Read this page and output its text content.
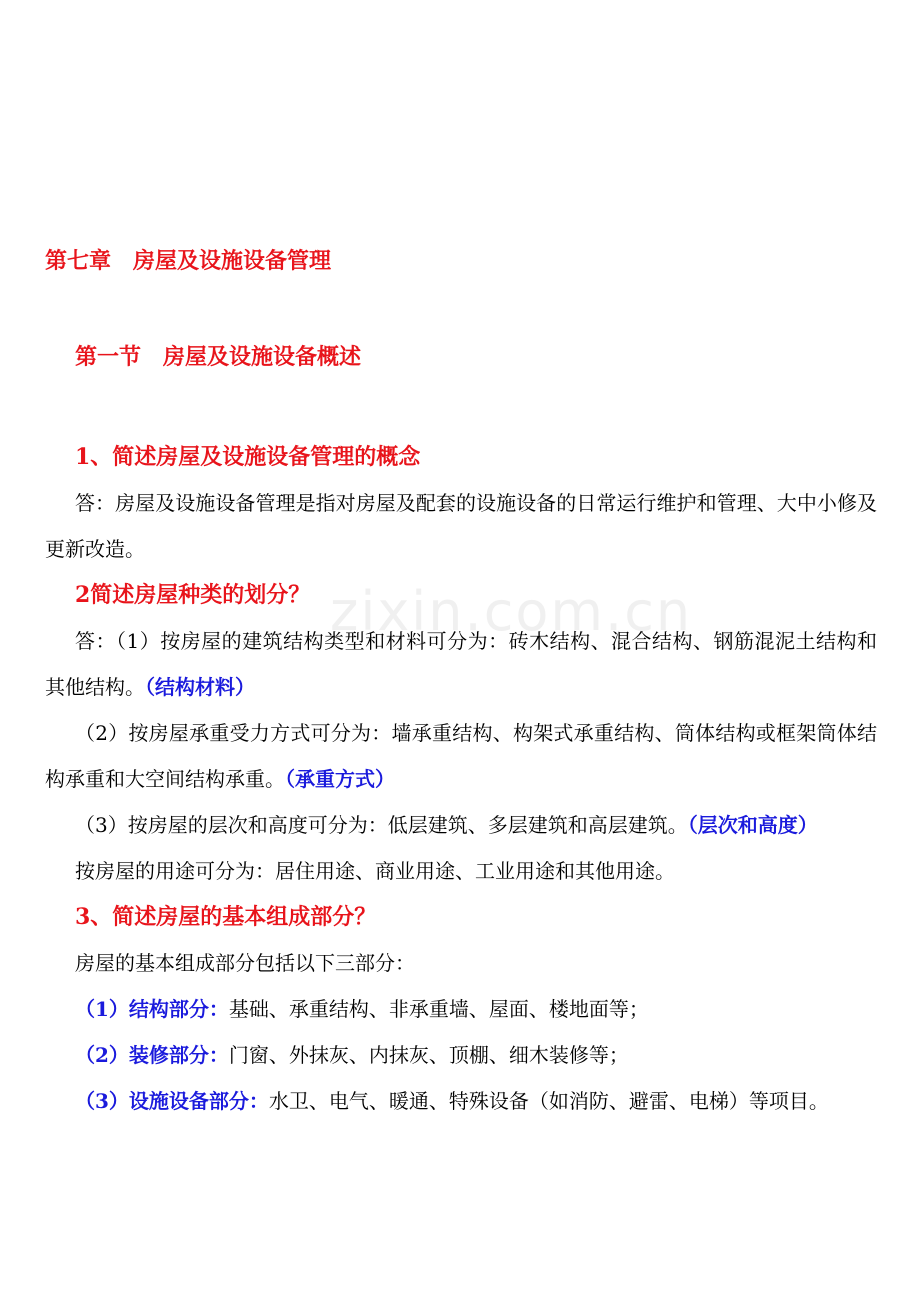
zixin.com.cn
第七章　房屋及设施设备管理
第一节　房屋及设施设备概述

1、简述房屋及设施设备管理的概念

答：房屋及设施设备管理是指对房屋及配套的设施设备的日常运行维护和管理、大中小修及更新改造。

2简述房屋种类的划分？

答：（1）按房屋的建筑结构类型和材料可分为：砖木结构、混合结构、钢筋混泥土结构和其他结构。（结构材料）

（2）按房屋承重受力方式可分为：墙承重结构、构架式承重结构、筒体结构或框架筒体结构承重和大空间结构承重。（承重方式）

（3）按房屋的层次和高度可分为：低层建筑、多层建筑和高层建筑。（层次和高度）

按房屋的用途可分为：居住用途、商业用途、工业用途和其他用途。

3、简述房屋的基本组成部分？

房屋的基本组成部分包括以下三部分：

（1）结构部分：基础、承重结构、非承重墙、屋面、楼地面等；

（2）装修部分：门窗、外抹灰、内抹灰、顶棚、细木装修等；

（3）设施设备部分：水卫、电气、暖通、特殊设备（如消防、避雷、电梯）等项目。
